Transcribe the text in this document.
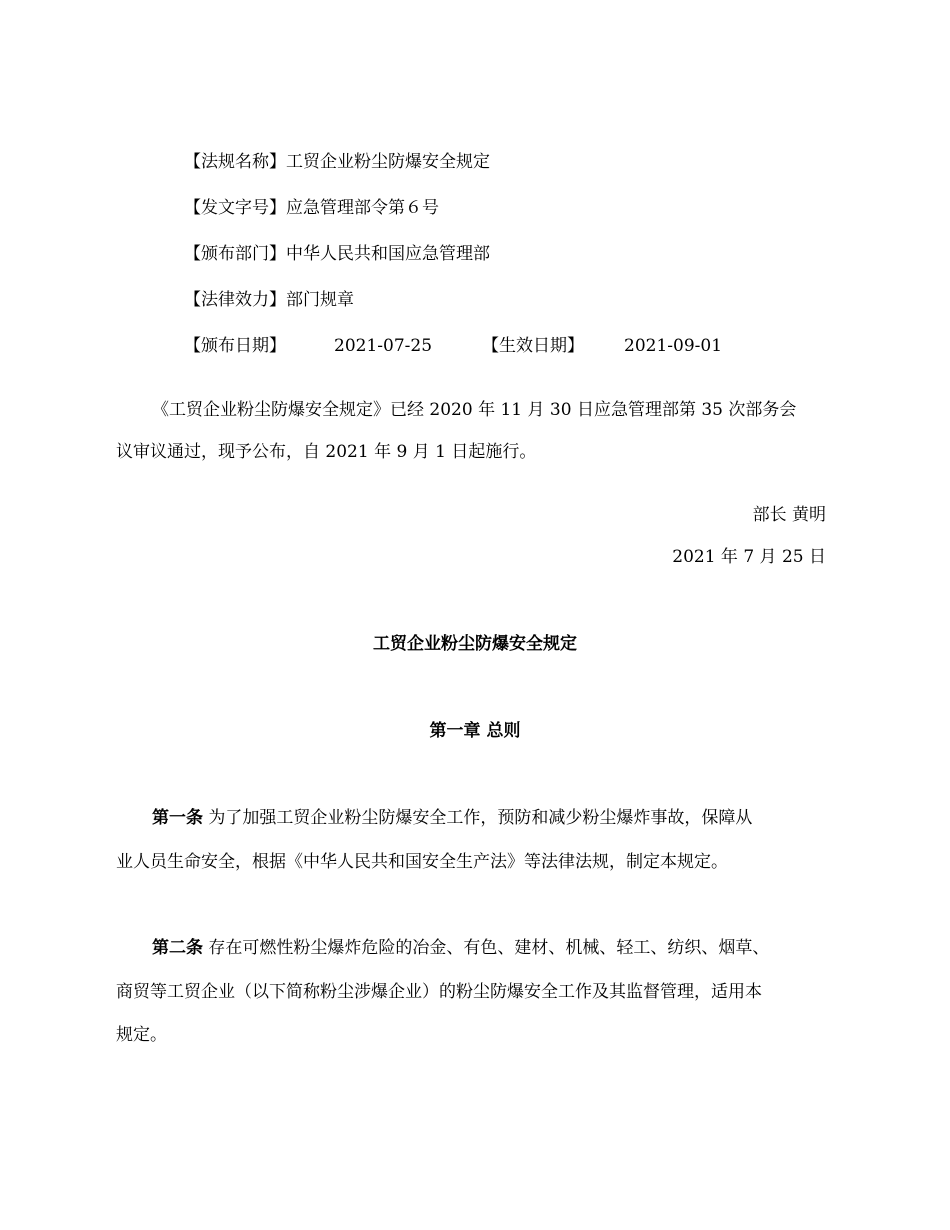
【法规名称】工贸企业粉尘防爆安全规定
【发文字号】应急管理部令第６号
【颁布部门】中华人民共和国应急管理部
【法律效力】部门规章
【颁布日期】	2021-07-25	【生效日期】 2021-09-01
《工贸企业粉尘防爆安全规定》已经 2020 年 11 月 30 日应急管理部第 35 次部务会
议审议通过，现予公布，自 2021 年 9 月 1 日起施行。
部长 黄明
2021 年 7 月 25 日
工贸企业粉尘防爆安全规定
第一章 总则
第一条 为了加强工贸企业粉尘防爆安全工作，预防和减少粉尘爆炸事故，保障从
业人员生命安全，根据《中华人民共和国安全生产法》等法律法规，制定本规定。
第二条 存在可燃性粉尘爆炸危险的冶金、有色、建材、机械、轻工、纺织、烟草、
商贸等工贸企业（以下简称粉尘涉爆企业）的粉尘防爆安全工作及其监督管理，适用本
规定。
